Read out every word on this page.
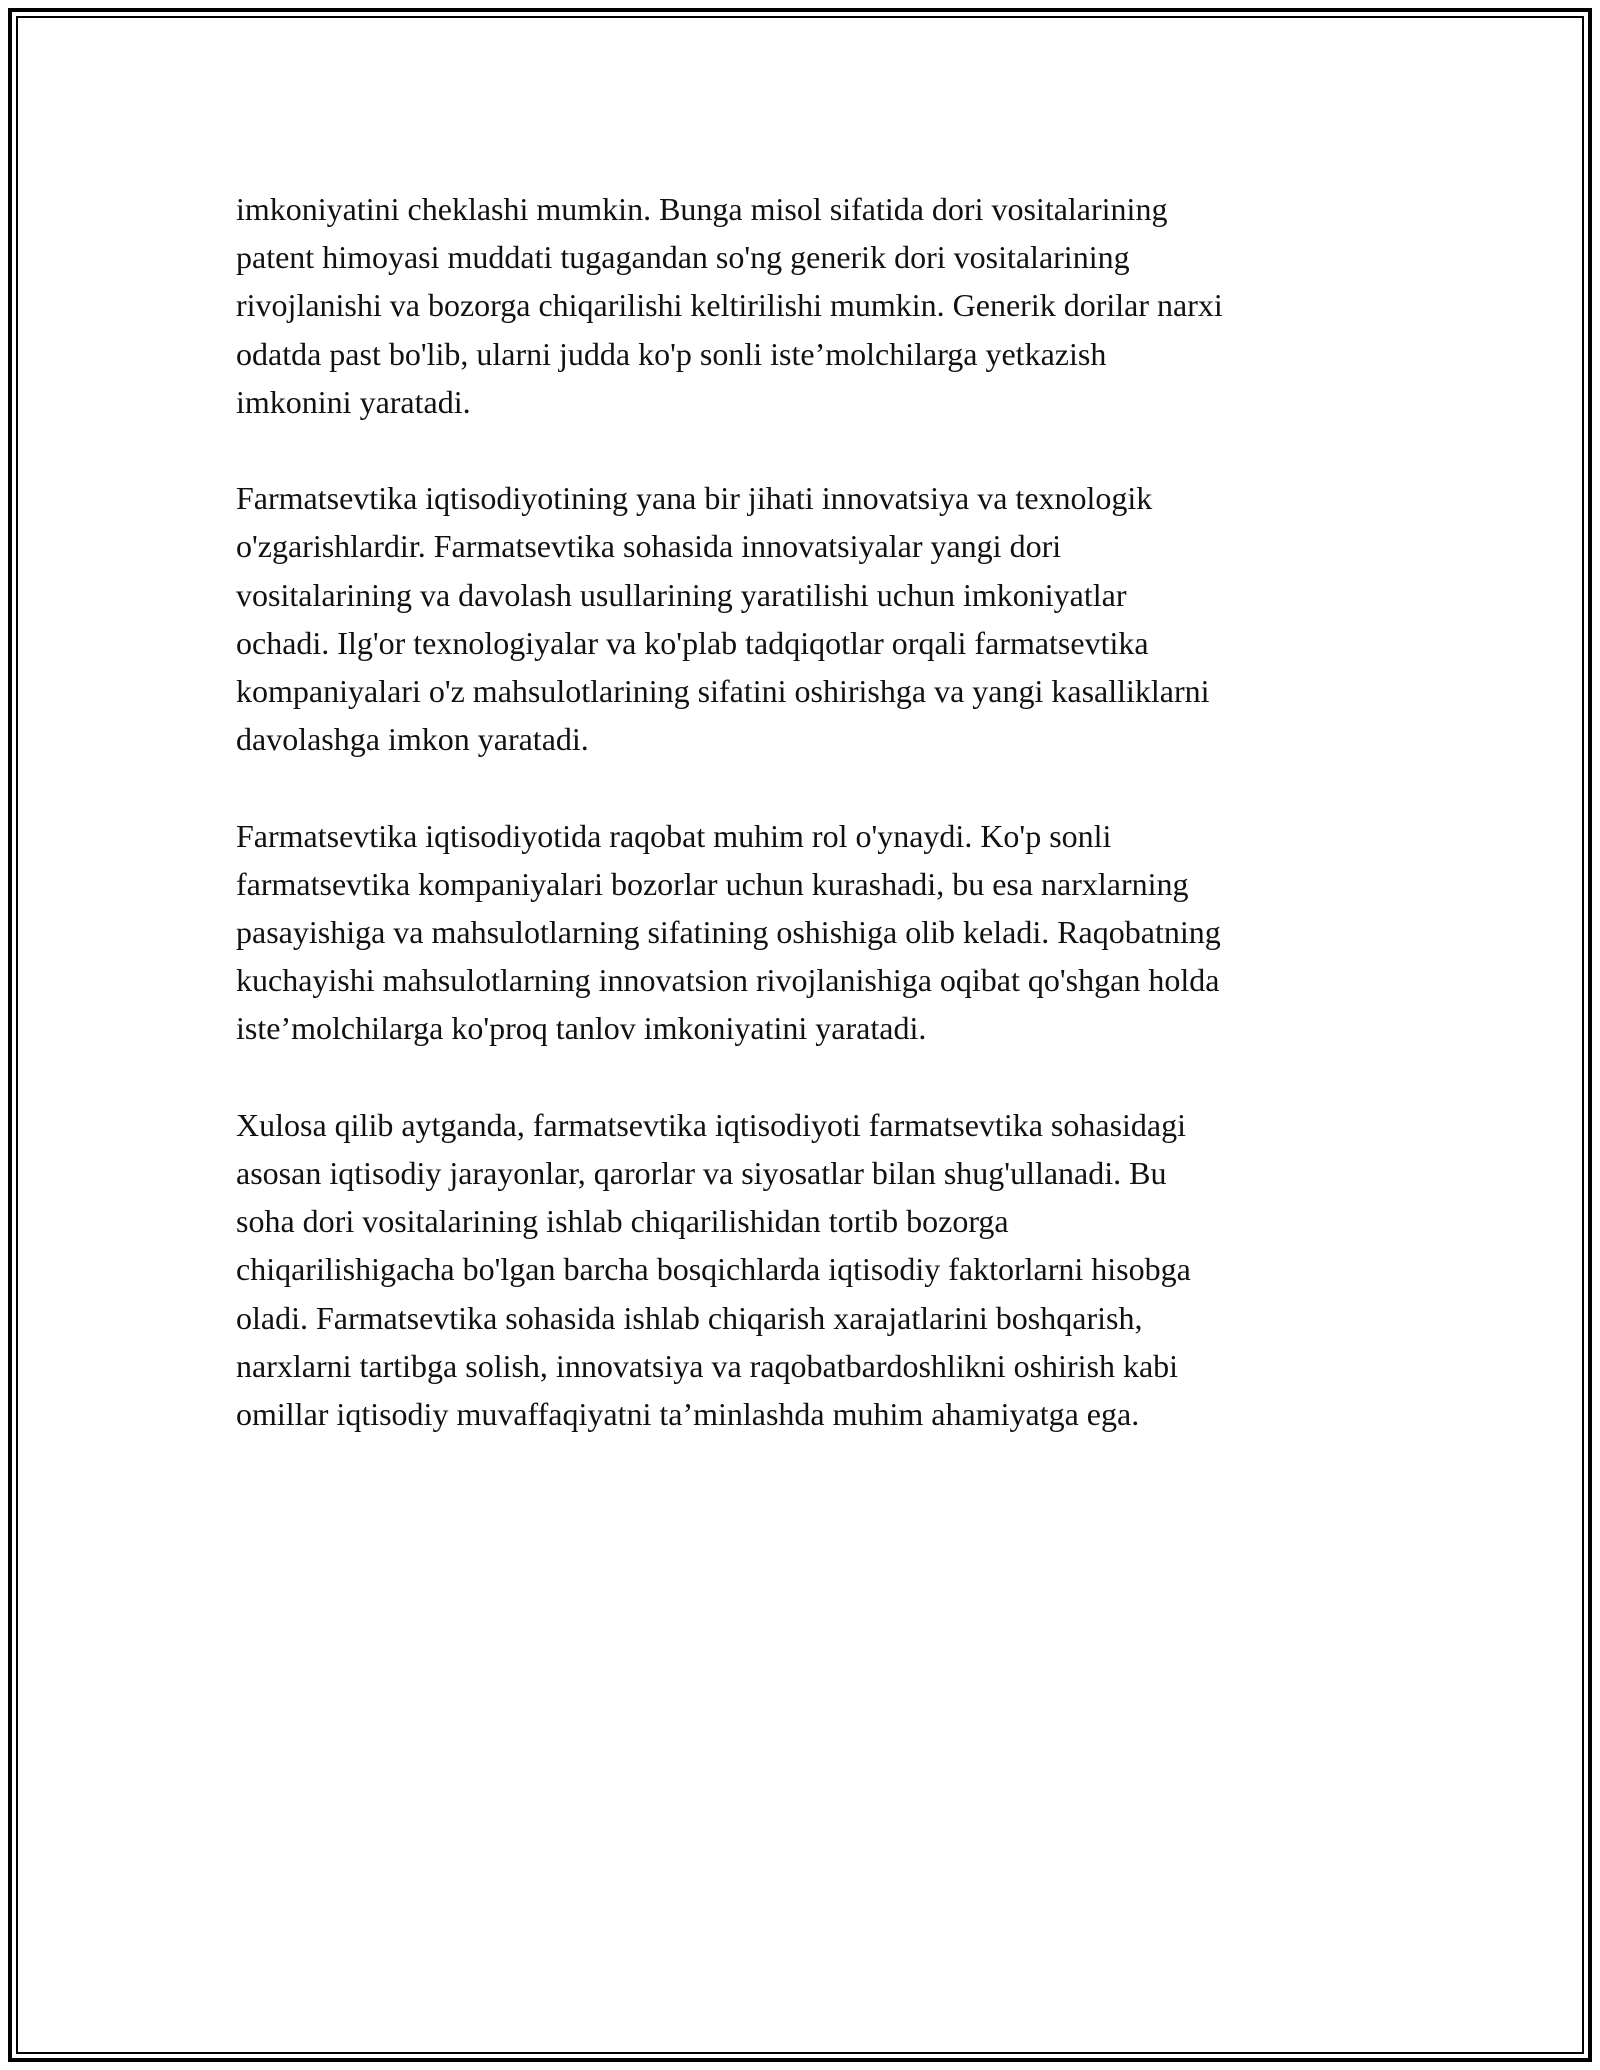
imkoniyatini cheklashi mumkin. Bunga misol sifatida dori vositalarining
patent himoyasi muddati tugagandan so'ng generik dori vositalarining
rivojlanishi va bozorga chiqarilishi keltirilishi mumkin. Generik dorilar narxi
odatda past bo'lib, ularni judda ko'p sonli iste’molchilarga yetkazish
imkonini yaratadi.

Farmatsevtika iqtisodiyotining yana bir jihati innovatsiya va texnologik
o'zgarishlardir. Farmatsevtika sohasida innovatsiyalar yangi dori
vositalarining va davolash usullarining yaratilishi uchun imkoniyatlar
ochadi. Ilg'or texnologiyalar va ko'plab tadqiqotlar orqali farmatsevtika
kompaniyalari o'z mahsulotlarining sifatini oshirishga va yangi kasalliklarni
davolashga imkon yaratadi.

Farmatsevtika iqtisodiyotida raqobat muhim rol o'ynaydi. Ko'p sonli
farmatsevtika kompaniyalari bozorlar uchun kurashadi, bu esa narxlarning
pasayishiga va mahsulotlarning sifatining oshishiga olib keladi. Raqobatning
kuchayishi mahsulotlarning innovatsion rivojlanishiga oqibat qo'shgan holda
iste’molchilarga ko'proq tanlov imkoniyatini yaratadi.

Xulosa qilib aytganda, farmatsevtika iqtisodiyoti farmatsevtika sohasidagi
asosan iqtisodiy jarayonlar, qarorlar va siyosatlar bilan shug'ullanadi. Bu
soha dori vositalarining ishlab chiqarilishidan tortib bozorga
chiqarilishigacha bo'lgan barcha bosqichlarda iqtisodiy faktorlarni hisobga
oladi. Farmatsevtika sohasida ishlab chiqarish xarajatlarini boshqarish,
narxlarni tartibga solish, innovatsiya va raqobatbardoshlikni oshirish kabi
omillar iqtisodiy muvaffaqiyatni ta’minlashda muhim ahamiyatga ega.
